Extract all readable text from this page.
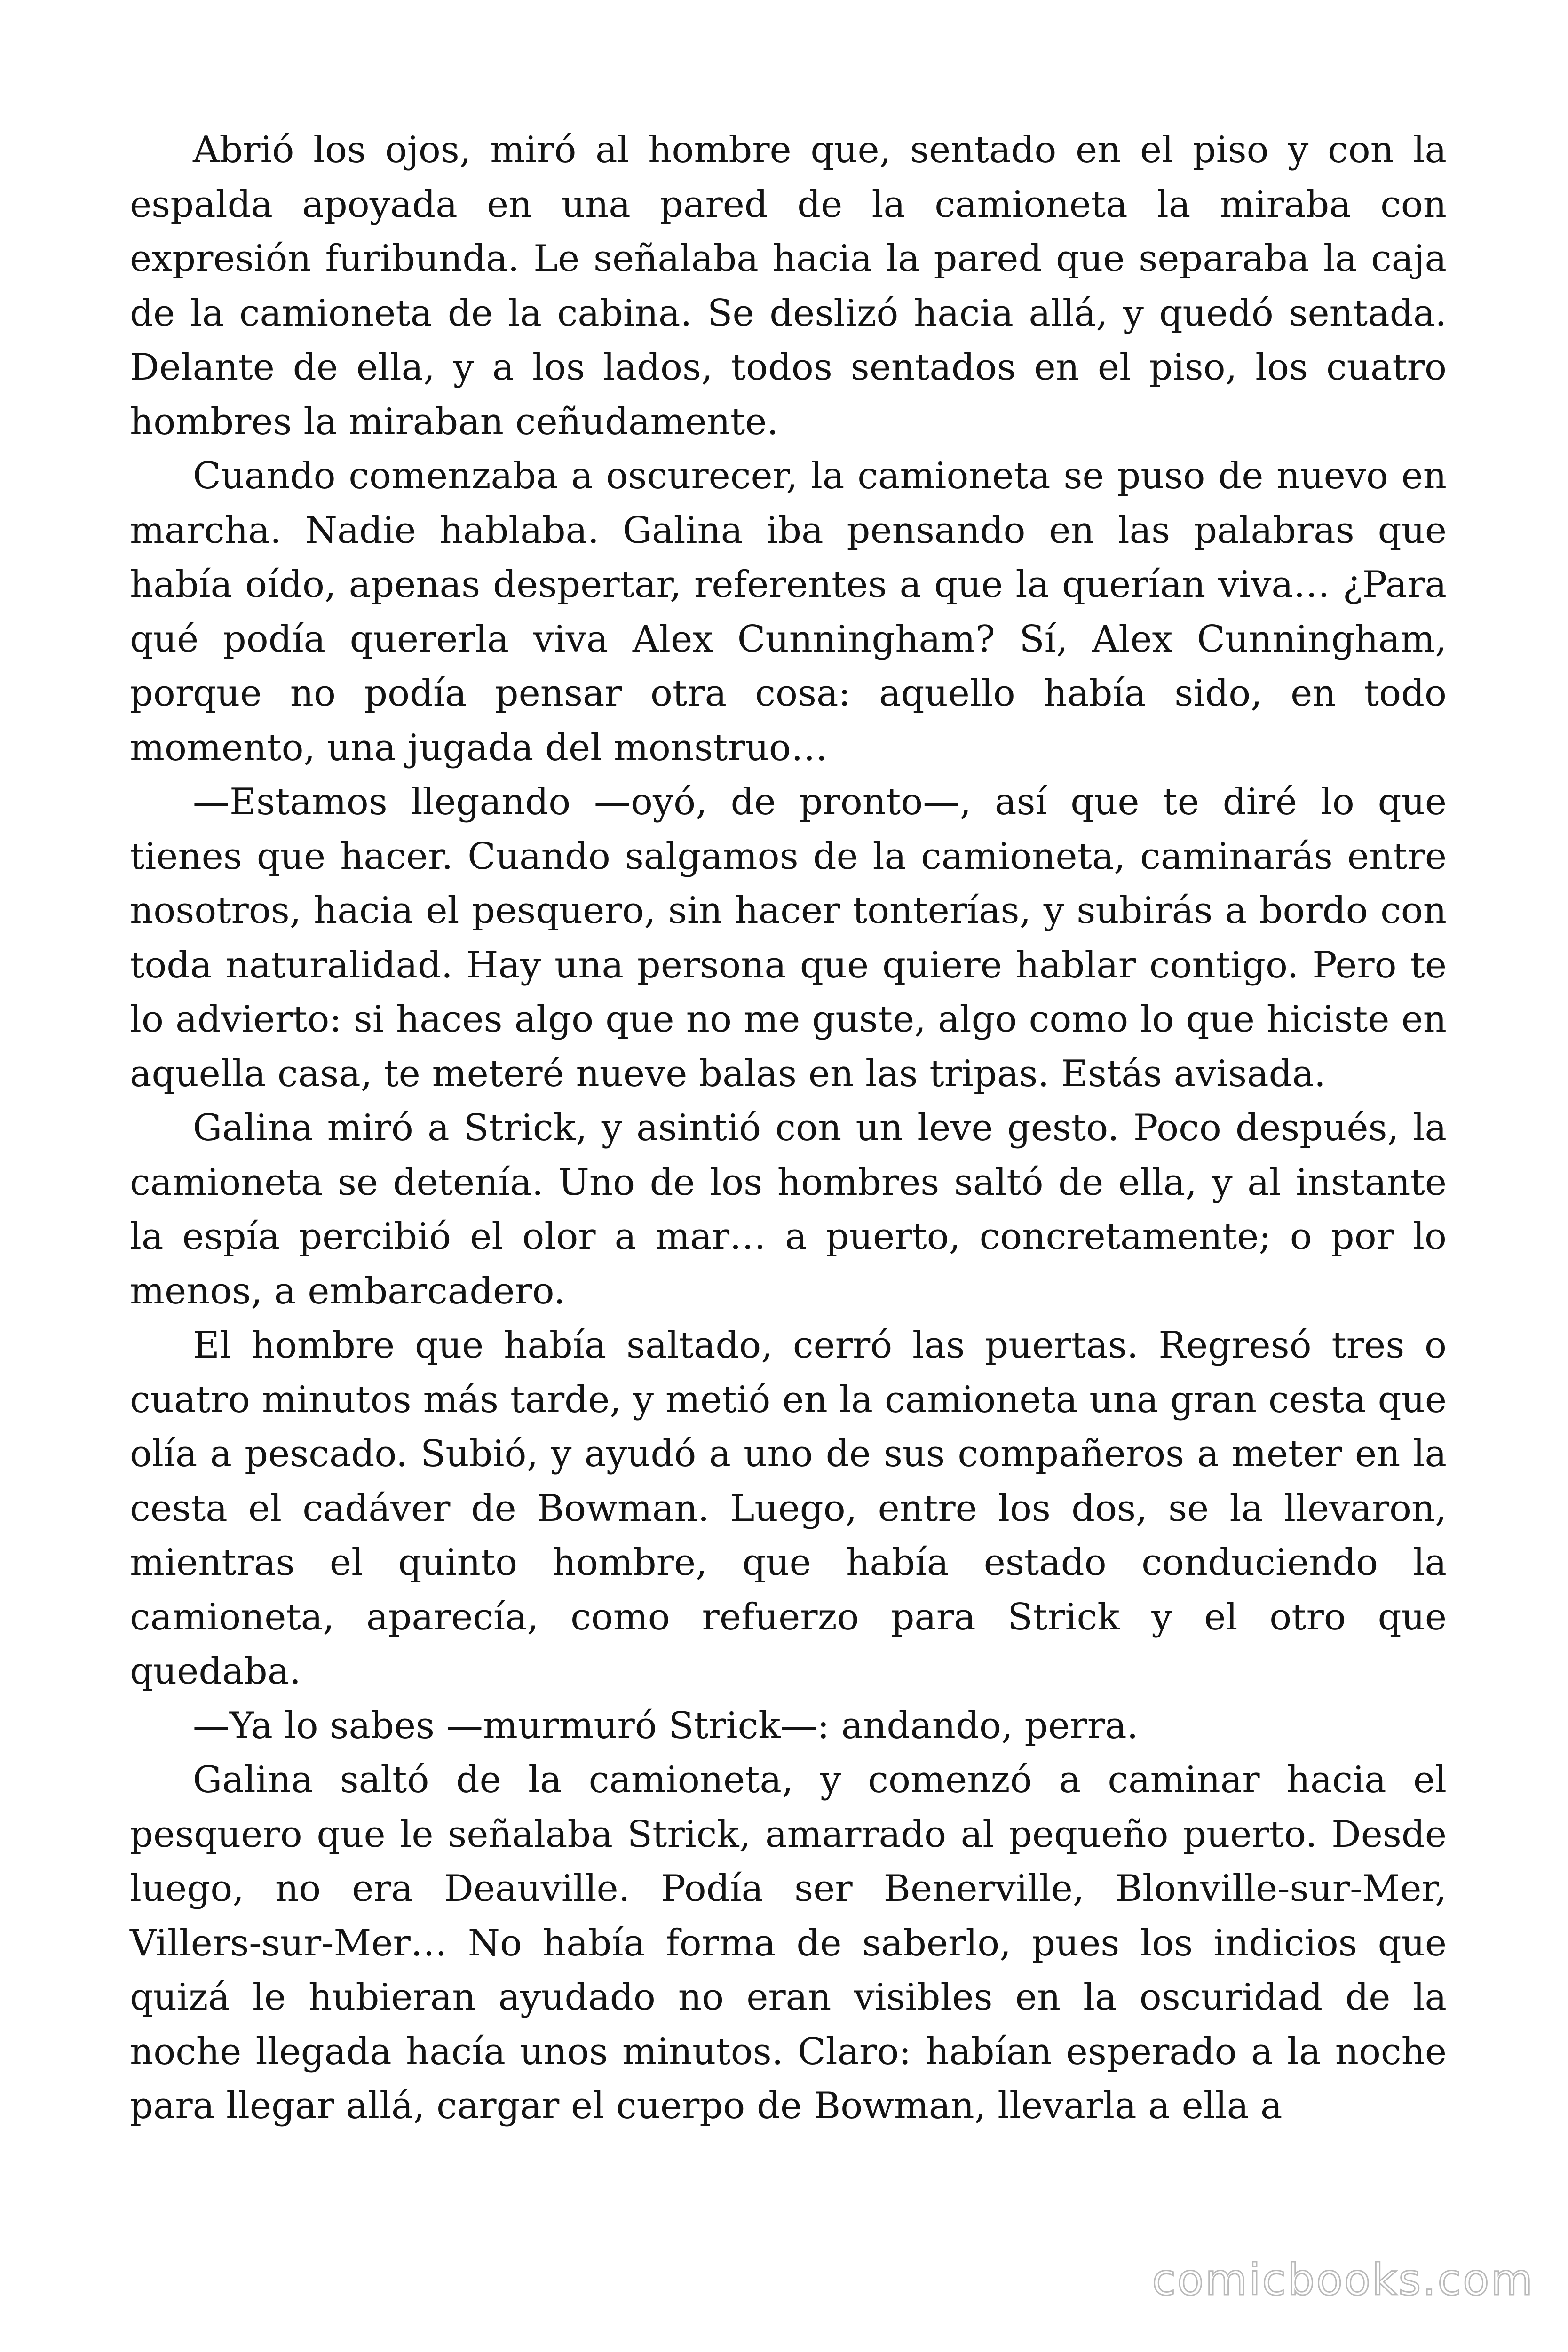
Abrió los ojos, miró al hombre que, sentado en el piso y con la espalda apoyada en una pared de la camioneta la miraba con expresión furibunda. Le señalaba hacia la pared que separaba la caja de la camioneta de la cabina. Se deslizó hacia allá, y quedó sentada. Delante de ella, y a los lados, todos sentados en el piso, los cuatro hombres la miraban ceñudamente.

Cuando comenzaba a oscurecer, la camioneta se puso de nuevo en marcha. Nadie hablaba. Galina iba pensando en las palabras que había oído, apenas despertar, referentes a que la querían viva… ¿Para qué podía quererla viva Alex Cunningham? Sí, Alex Cunningham, porque no podía pensar otra cosa: aquello había sido, en todo momento, una jugada del monstruo…

—Estamos llegando —oyó, de pronto—, así que te diré lo que tienes que hacer. Cuando salgamos de la camioneta, caminarás entre nosotros, hacia el pesquero, sin hacer tonterías, y subirás a bordo con toda naturalidad. Hay una persona que quiere hablar contigo. Pero te lo advierto: si haces algo que no me guste, algo como lo que hiciste en aquella casa, te meteré nueve balas en las tripas. Estás avisada.

Galina miró a Strick, y asintió con un leve gesto. Poco después, la camioneta se detenía. Uno de los hombres saltó de ella, y al instante la espía percibió el olor a mar… a puerto, concretamente; o por lo menos, a embarcadero.

El hombre que había saltado, cerró las puertas. Regresó tres o cuatro minutos más tarde, y metió en la camioneta una gran cesta que olía a pescado. Subió, y ayudó a uno de sus compañeros a meter en la cesta el cadáver de Bowman. Luego, entre los dos, se la llevaron, mientras el quinto hombre, que había estado conduciendo la camioneta, aparecía, como refuerzo para Strick y el otro que quedaba.

—Ya lo sabes —murmuró Strick—: andando, perra.

Galina saltó de la camioneta, y comenzó a caminar hacia el pesquero que le señalaba Strick, amarrado al pequeño puerto. Desde luego, no era Deauville. Podía ser Benerville, Blonville-sur-Mer, Villers-sur-Mer… No había forma de saberlo, pues los indicios que quizá le hubieran ayudado no eran visibles en la oscuridad de la noche llegada hacía unos minutos. Claro: habían esperado a la noche para llegar allá, cargar el cuerpo de Bowman, llevarla a ella a

comicbooks.com
